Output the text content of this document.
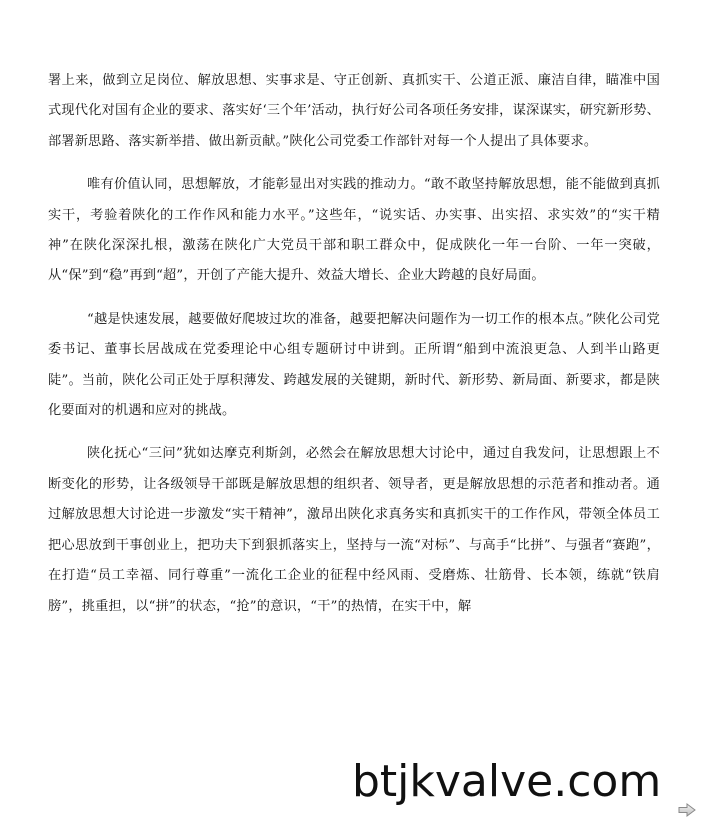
署上来，做到立足岗位、解放思想、实事求是、守正创新、真抓实干、公道正派、廉洁自律，瞄准中国式现代化对国有企业的要求、落实好‘三个年’活动，执行好公司各项任务安排，谋深谋实，研究新形势、部署新思路、落实新举措、做出新贡献。”陕化公司党委工作部针对每一个人提出了具体要求。

唯有价值认同，思想解放，才能彰显出对实践的推动力。“敢不敢坚持解放思想，能不能做到真抓实干，考验着陕化的工作作风和能力水平。”这些年，“说实话、办实事、出实招、求实效”的“实干精神”在陕化深深扎根，激荡在陕化广大党员干部和职工群众中，促成陕化一年一台阶、一年一突破，从“保”到“稳”再到“超”，开创了产能大提升、效益大增长、企业大跨越的良好局面。

“越是快速发展，越要做好爬坡过坎的准备，越要把解决问题作为一切工作的根本点。”陕化公司党委书记、董事长居战成在党委理论中心组专题研讨中讲到。正所谓“船到中流浪更急、人到半山路更陡”。当前，陕化公司正处于厚积薄发、跨越发展的关键期，新时代、新形势、新局面、新要求，都是陕化要面对的机遇和应对的挑战。

陕化抚心“三问”犹如达摩克利斯剑，必然会在解放思想大讨论中，通过自我发问，让思想跟上不断变化的形势，让各级领导干部既是解放思想的组织者、领导者，更是解放思想的示范者和推动者。通过解放思想大讨论进一步激发“实干精神”，激昂出陕化求真务实和真抓实干的工作作风，带领全体员工把心思放到干事创业上，把功夫下到狠抓落实上，坚持与一流“对标”、与高手“比拼”、与强者“赛跑”，在打造“员工幸福、同行尊重”一流化工企业的征程中经风雨、受磨炼、壮筋骨、长本领，练就“铁肩膀”，挑重担，以“拼”的状态，“抢”的意识，“干”的热情，在实干中，解

btjkvalve.com
